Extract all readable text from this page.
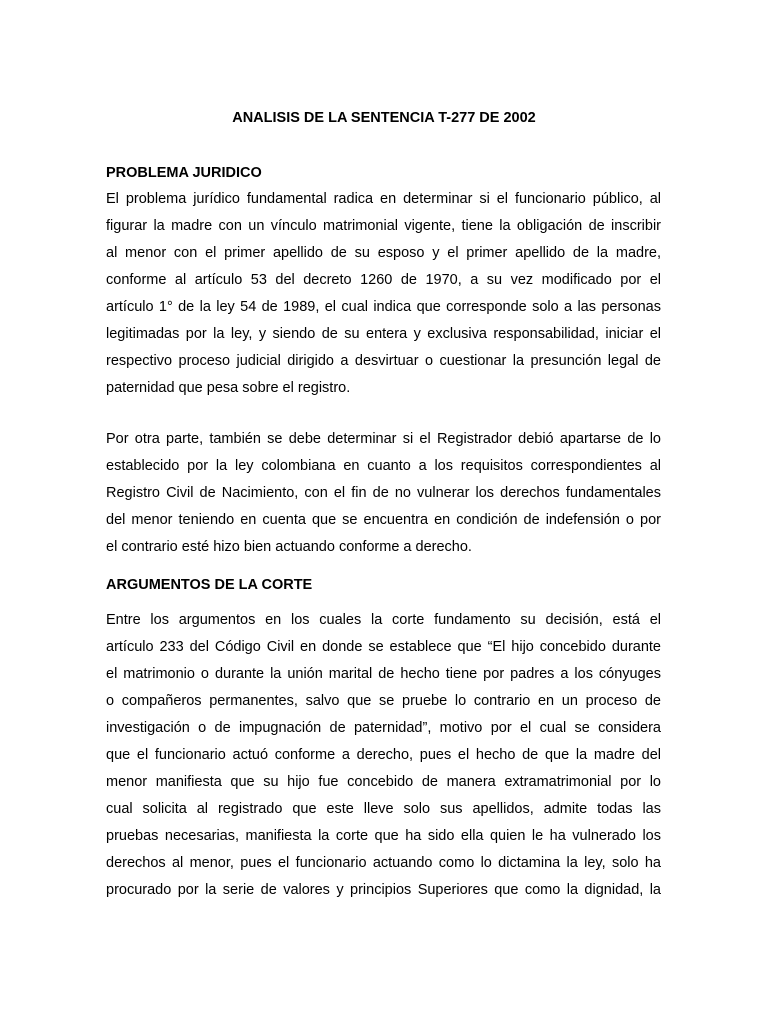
ANALISIS DE LA SENTENCIA T-277 DE 2002
PROBLEMA JURIDICO
El problema jurídico fundamental radica en determinar si el funcionario público, al
figurar la madre con un vínculo matrimonial vigente, tiene la obligación de inscribir
al menor con el primer apellido de su esposo y el primer apellido de la madre,
conforme al artículo 53 del decreto 1260 de 1970, a su vez modificado por el
artículo 1° de la ley 54 de 1989, el cual indica que corresponde solo a las personas
legitimadas por la ley, y siendo de su entera y exclusiva responsabilidad, iniciar el
respectivo proceso judicial dirigido a desvirtuar o cuestionar la presunción legal de
paternidad que pesa sobre el registro.
Por otra parte, también se debe determinar si el Registrador debió apartarse de lo
establecido por la ley colombiana en cuanto a los requisitos correspondientes al
Registro Civil de Nacimiento, con el fin de no vulnerar los derechos fundamentales
del menor teniendo en cuenta que se encuentra en condición de indefensión o por
el contrario esté hizo bien actuando conforme a derecho.
ARGUMENTOS DE LA CORTE
Entre los argumentos en los cuales la corte fundamento su decisión, está el
artículo 233 del Código Civil en donde se establece que “El hijo concebido durante
el matrimonio o durante la unión marital de hecho tiene por padres a los cónyuges
o compañeros permanentes, salvo que se pruebe lo contrario en un proceso de
investigación o de impugnación de paternidad”, motivo por el cual se considera
que el funcionario actuó conforme a derecho, pues el hecho de que la madre del
menor manifiesta que su hijo fue concebido de manera extramatrimonial por lo
cual solicita al registrado que este lleve solo sus apellidos, admite todas las
pruebas necesarias, manifiesta la corte que ha sido ella quien le ha vulnerado los
derechos al menor, pues el funcionario actuando como lo dictamina la ley, solo ha
procurado por la serie de valores y principios Superiores que como la dignidad, la
